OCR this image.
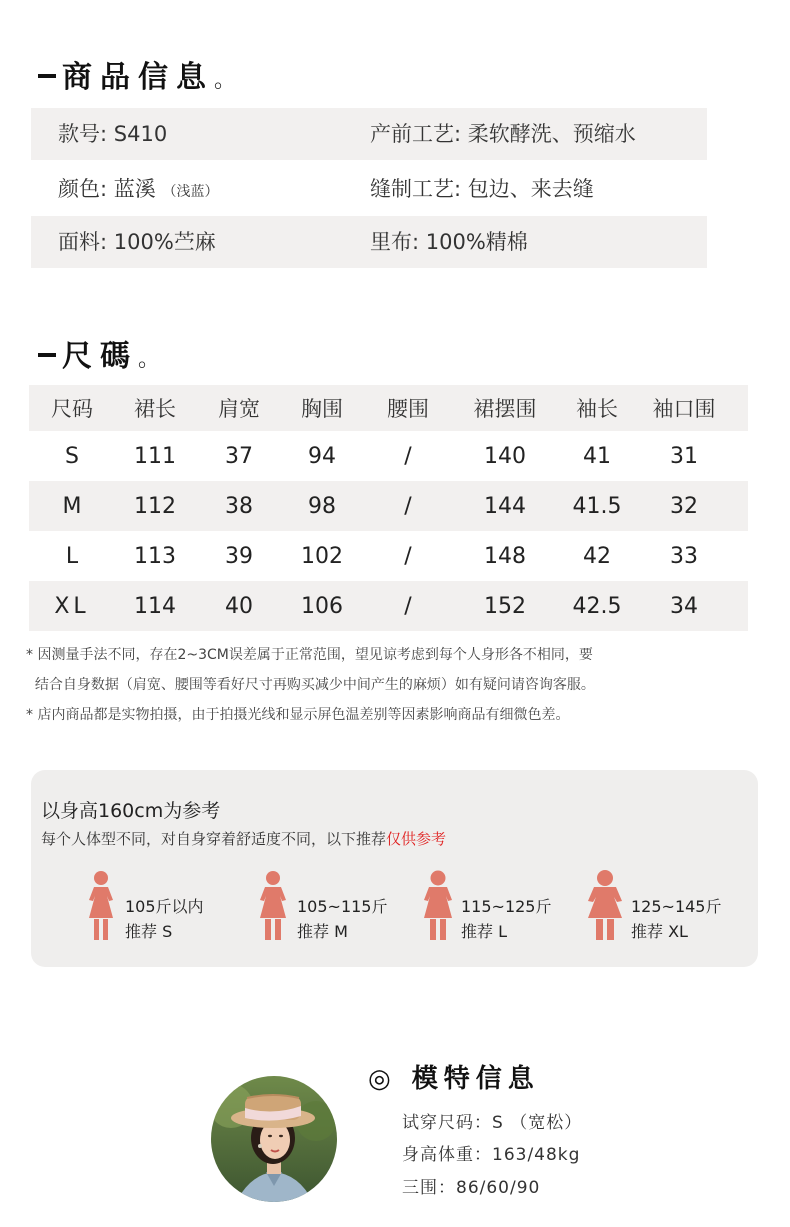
商品信息 。
款号: S410	产前工艺: 柔软酵洗、预缩水
颜色: 蓝溪 （浅蓝）	缝制工艺: 包边、来去缝
面料: 100%苎麻	里布: 100%精棉
尺碼 。
尺码	裙长	肩宽	胸围	腰围	裙摆围	袖长	袖口围
S	111	37	94	/	140	41	31
M	112	38	98	/	144	41.5	32
L	113	39	102	/	148	42	33
XL	114	40	106	/	152	42.5	34

* 因测量手法不同，存在2~3CM误差属于正常范围，望见谅考虑到每个人身形各不相同，要

结合自身数据（肩宽、腰围等看好尺寸再购买减少中间产生的麻烦）如有疑问请咨询客服。

* 店内商品都是实物拍摄，由于拍摄光线和显示屏色温差别等因素影响商品有细微色差。

以身高160cm为参考
每个人体型不同，对自身穿着舒适度不同，以下推荐仅供参考
105斤以内
推荐 S
105~115斤
推荐 M
115~125斤
推荐 L
125~145斤
推荐 XL
◎ 模特信息
试穿尺码：S （宽松）
身高体重：163/48kg
三围：86/60/90
